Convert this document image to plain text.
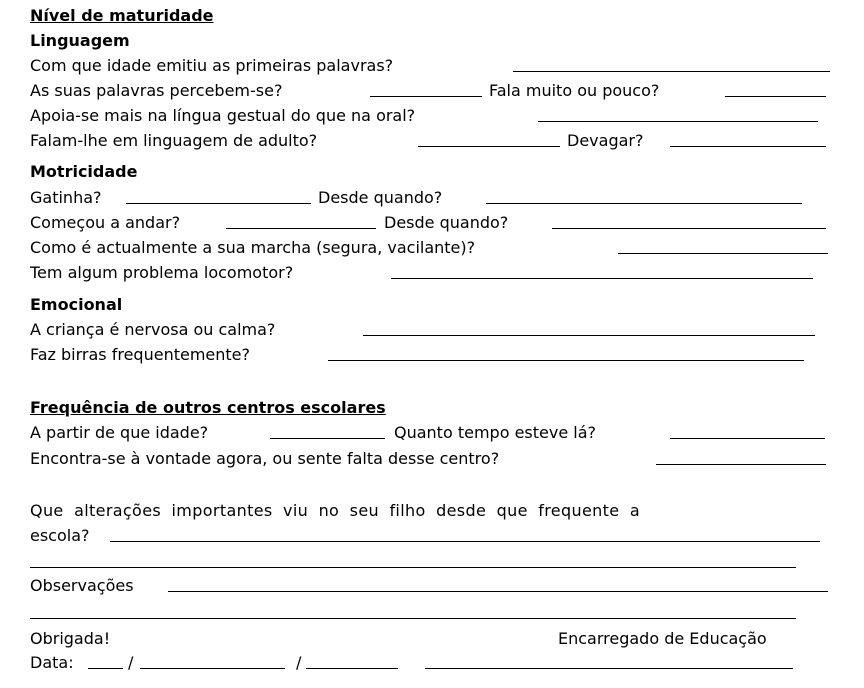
Nível de maturidade
Linguagem
Com que idade emitiu as primeiras palavras?
As suas palavras percebem-se?	Fala muito ou pouco?
Apoia-se mais na língua gestual do que na oral?
Falam-lhe em linguagem de adulto?	Devagar?
Motricidade
Gatinha?	Desde quando?
Começou a andar?	Desde quando?
Como é actualmente a sua marcha (segura, vacilante)?
Tem algum problema locomotor?
Emocional
A criança é nervosa ou calma?
Faz birras frequentemente?
Frequência de outros centros escolares
A partir de que idade?	Quanto tempo esteve lá?
Encontra-se à vontade agora, ou sente falta desse centro?
Que alterações importantes viu no seu filho desde que frequente a
escola?
Observações
Obrigada!	Encarregado de Educação
Data:	/	/
